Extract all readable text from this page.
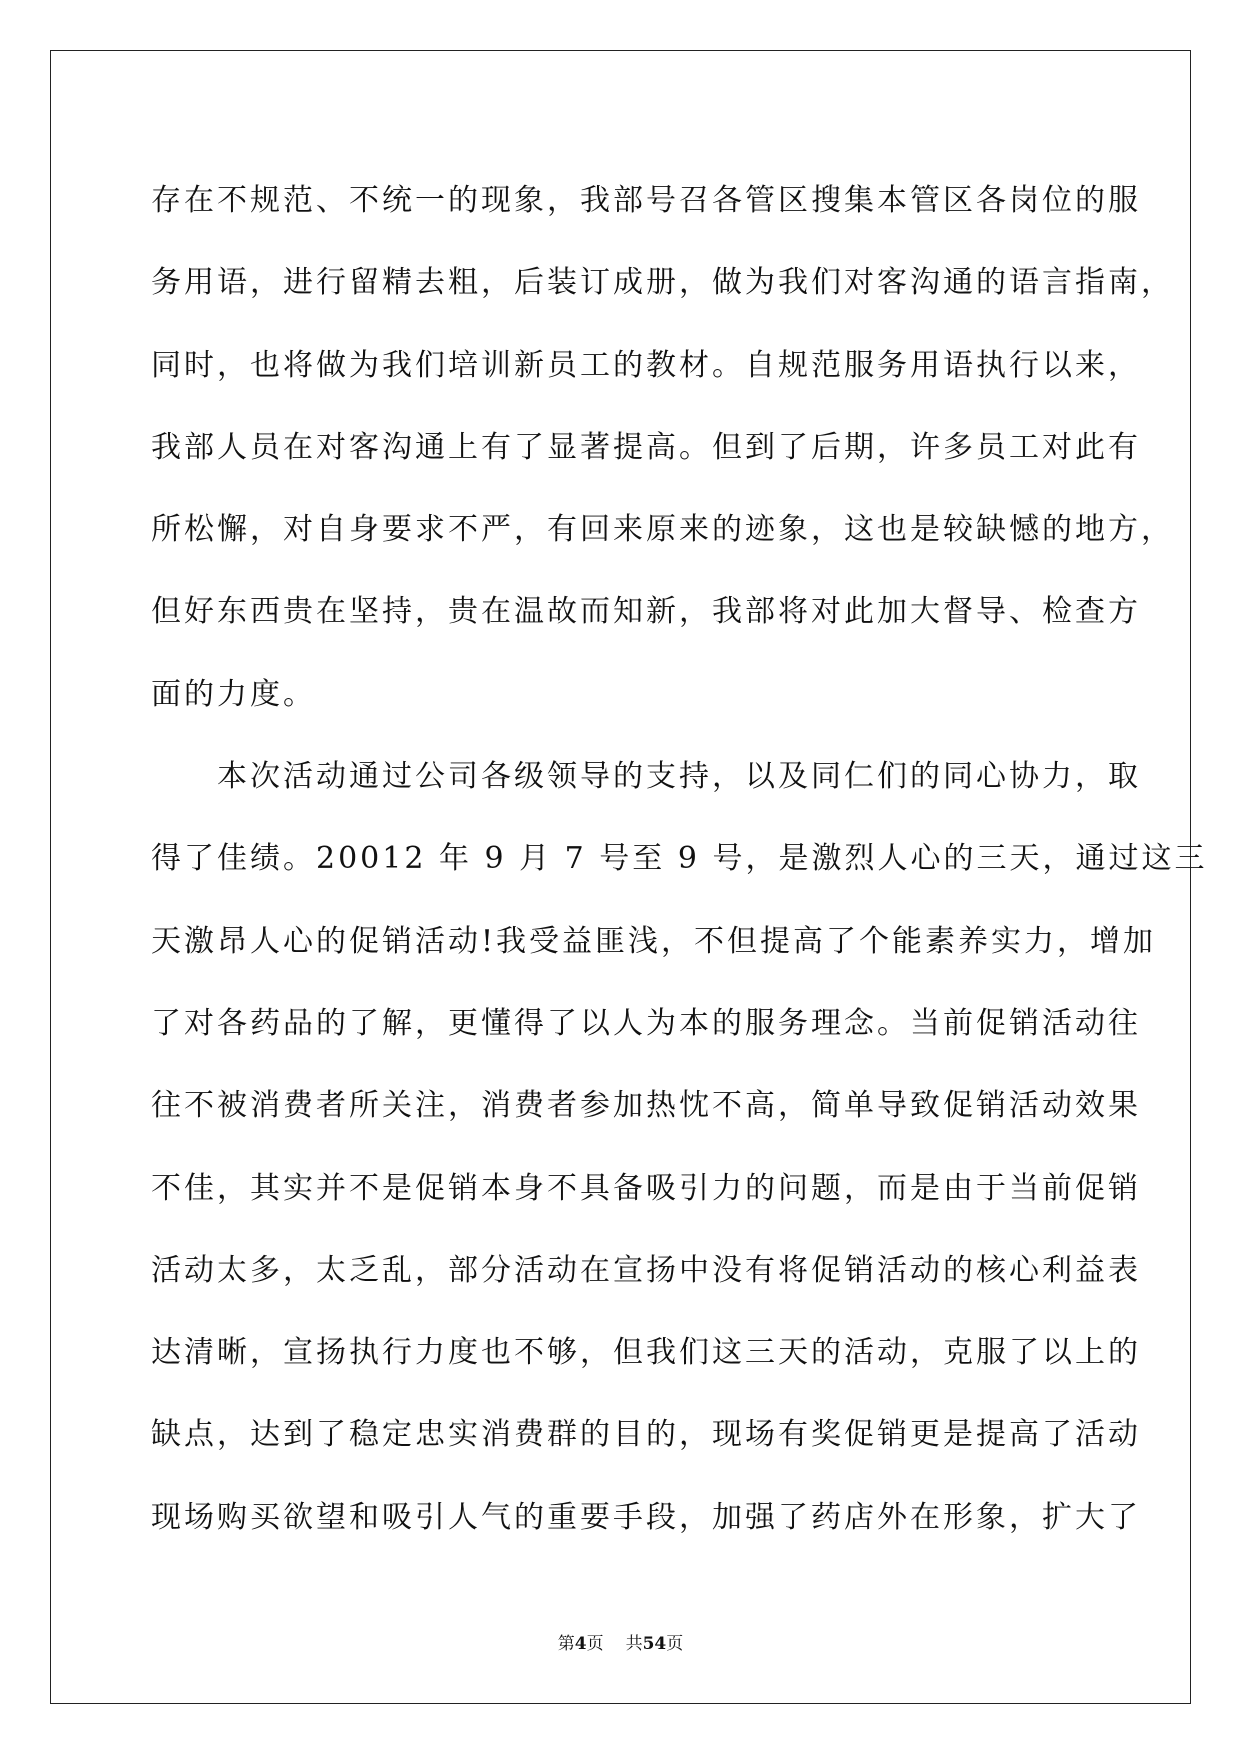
存在不规范、不统一的现象，我部号召各管区搜集本管区各岗位的服
务用语，进行留精去粗，后装订成册，做为我们对客沟通的语言指南，
同时，也将做为我们培训新员工的教材。自规范服务用语执行以来，
我部人员在对客沟通上有了显著提高。但到了后期，许多员工对此有
所松懈，对自身要求不严，有回来原来的迹象，这也是较缺憾的地方，
但好东西贵在坚持，贵在温故而知新，我部将对此加大督导、检查方
面的力度。
本次活动通过公司各级领导的支持，以及同仁们的同心协力，取
得了佳绩。20012 年 9 月 7 号至 9 号，是激烈人心的三天，通过这三
天激昂人心的促销活动!我受益匪浅，不但提高了个能素养实力，增加
了对各药品的了解，更懂得了以人为本的服务理念。当前促销活动往
往不被消费者所关注，消费者参加热忱不高，简单导致促销活动效果
不佳，其实并不是促销本身不具备吸引力的问题，而是由于当前促销
活动太多，太乏乱，部分活动在宣扬中没有将促销活动的核心利益表
达清晰，宣扬执行力度也不够，但我们这三天的活动，克服了以上的
缺点，达到了稳定忠实消费群的目的，现场有奖促销更是提高了活动
现场购买欲望和吸引人气的重要手段，加强了药店外在形象，扩大了
第4页 共54页
